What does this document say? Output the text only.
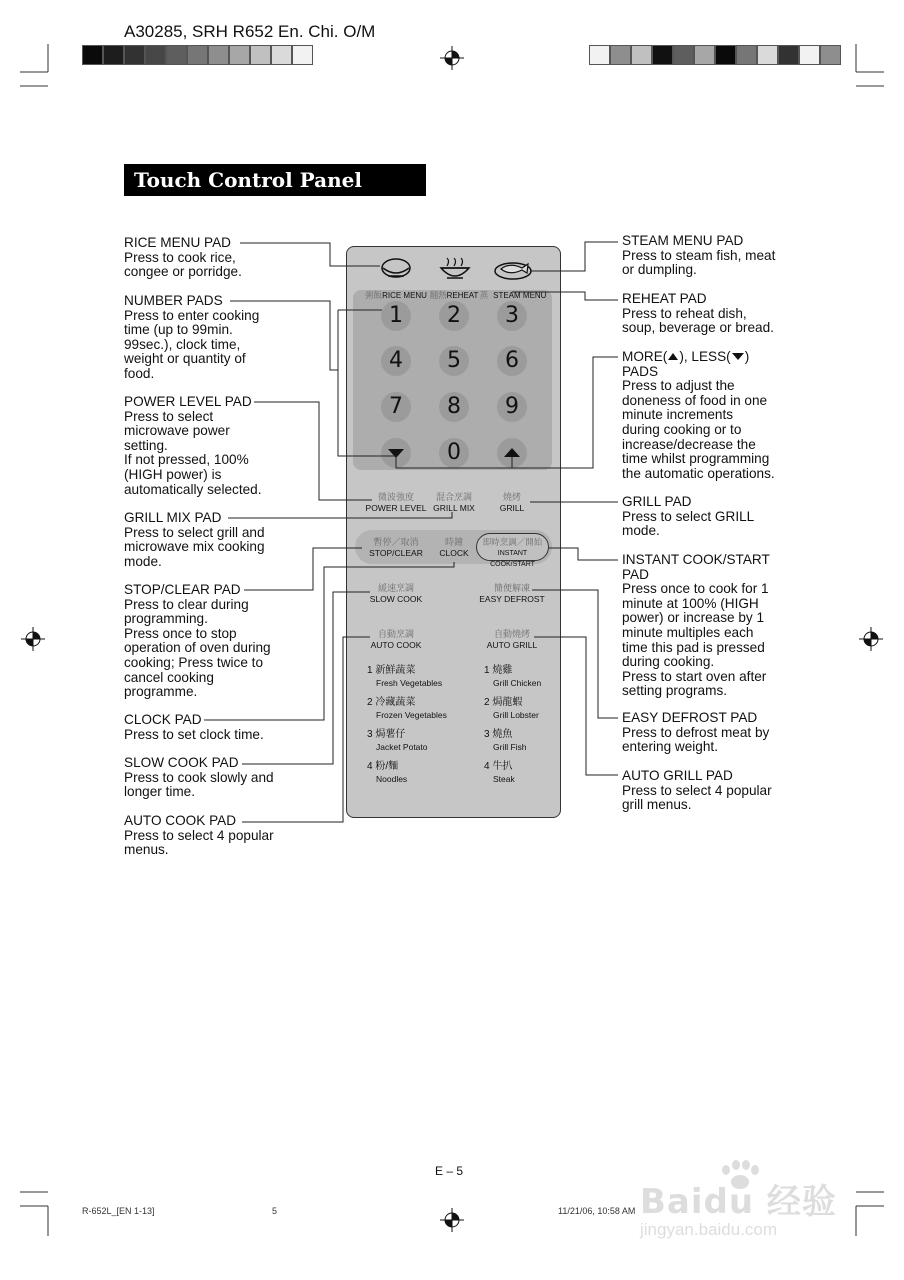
A30285, SRH R652 En. Chi. O/M
Touch Control Panel Layout
粥飯RICE MENU 翻熱REHEAT 蒸 STEAM MENU
1	2	3
4	5	6
7	8	9
0
微波強度
POWER LEVEL
混合烹調
GRILL MIX
燒烤
GRILL
暫停／取消
STOP/CLEAR
時鐘
CLOCK
即時烹調／開始
INSTANT COOK/START
緩速烹調
SLOW COOK
簡便解凍
EASY DEFROST
自動烹調
AUTO COOK
自動燒烤
AUTO GRILL
1 新鮮蔬菜
Fresh Vegetables
2 冷藏蔬菜
Frozen Vegetables
3 焗薯仔
Jacket Potato
4 粉/麵
Noodles
1 燒雞
Grill Chicken
2 焗龍蝦
Grill Lobster
3 燒魚
Grill Fish
4 牛扒
Steak
RICE MENU PAD
Press to cook rice,
congee or porridge.
NUMBER PADS
Press to enter cooking
time (up to 99min.
99sec.), clock time,
weight or quantity of
food.
POWER LEVEL PAD
Press to select
microwave power
setting.
If not pressed, 100%
(HIGH power) is
automatically selected.
GRILL MIX PAD
Press to select grill and
microwave mix cooking
mode.
STOP/CLEAR PAD
Press to clear during
programming.
Press once to stop
operation of oven during
cooking; Press twice to
cancel cooking
programme.
CLOCK PAD
Press to set clock time.
SLOW COOK PAD
Press to cook slowly and
longer time.
AUTO COOK PAD
Press to select 4 popular
menus.
STEAM MENU PAD
Press to steam fish, meat
or dumpling.
REHEAT PAD
Press to reheat dish,
soup, beverage or bread.
MORE( ), LESS( )
PADS
Press to adjust the
doneness of food in one
minute increments
during cooking or to
increase/decrease the
time whilst programming
the automatic operations.
GRILL PAD
Press to select GRILL
mode.
INSTANT COOK/START
PAD
Press once to cook for 1
minute at 100% (HIGH
power) or increase by 1
minute multiples each
time this pad is pressed
during cooking.
Press to start oven after
setting programs.
EASY DEFROST PAD
Press to defrost meat by
entering weight.
AUTO GRILL PAD
Press to select 4 popular
grill menus.
E – 5
R-652L_[EN 1-13]	5	11/21/06, 10:58 AM Baidu 经验
jingyan.baidu.com
